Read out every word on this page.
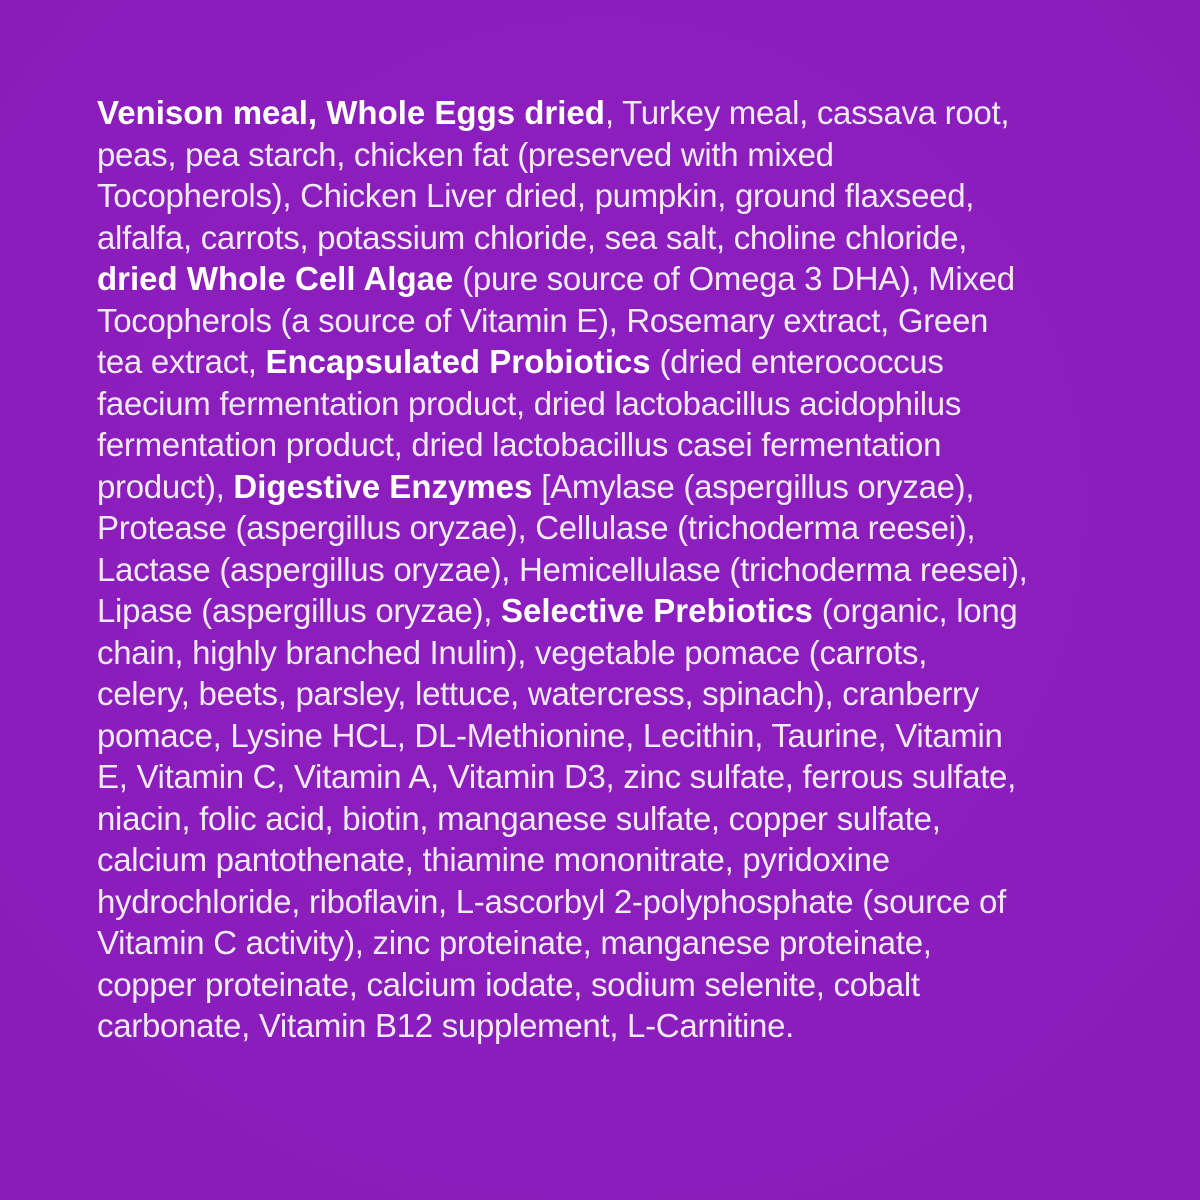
Venison meal, Whole Eggs dried, Turkey meal, cassava root,
peas, pea starch, chicken fat (preserved with mixed
Tocopherols), Chicken Liver dried, pumpkin, ground flaxseed,
alfalfa, carrots, potassium chloride, sea salt, choline chloride,
dried Whole Cell Algae (pure source of Omega 3 DHA), Mixed
Tocopherols (a source of Vitamin E), Rosemary extract, Green
tea extract, Encapsulated Probiotics (dried enterococcus
faecium fermentation product, dried lactobacillus acidophilus
fermentation product, dried lactobacillus casei fermentation
product), Digestive Enzymes [Amylase (aspergillus oryzae),
Protease (aspergillus oryzae), Cellulase (trichoderma reesei),
Lactase (aspergillus oryzae), Hemicellulase (trichoderma reesei),
Lipase (aspergillus oryzae), Selective Prebiotics (organic, long
chain, highly branched Inulin), vegetable pomace (carrots,
celery, beets, parsley, lettuce, watercress, spinach), cranberry
pomace, Lysine HCL, DL-Methionine, Lecithin, Taurine, Vitamin
E, Vitamin C, Vitamin A, Vitamin D3, zinc sulfate, ferrous sulfate,
niacin, folic acid, biotin, manganese sulfate, copper sulfate,
calcium pantothenate, thiamine mononitrate, pyridoxine
hydrochloride, riboflavin, L-ascorbyl 2-polyphosphate (source of
Vitamin C activity), zinc proteinate, manganese proteinate,
copper proteinate, calcium iodate, sodium selenite, cobalt
carbonate, Vitamin B12 supplement, L-Carnitine.
